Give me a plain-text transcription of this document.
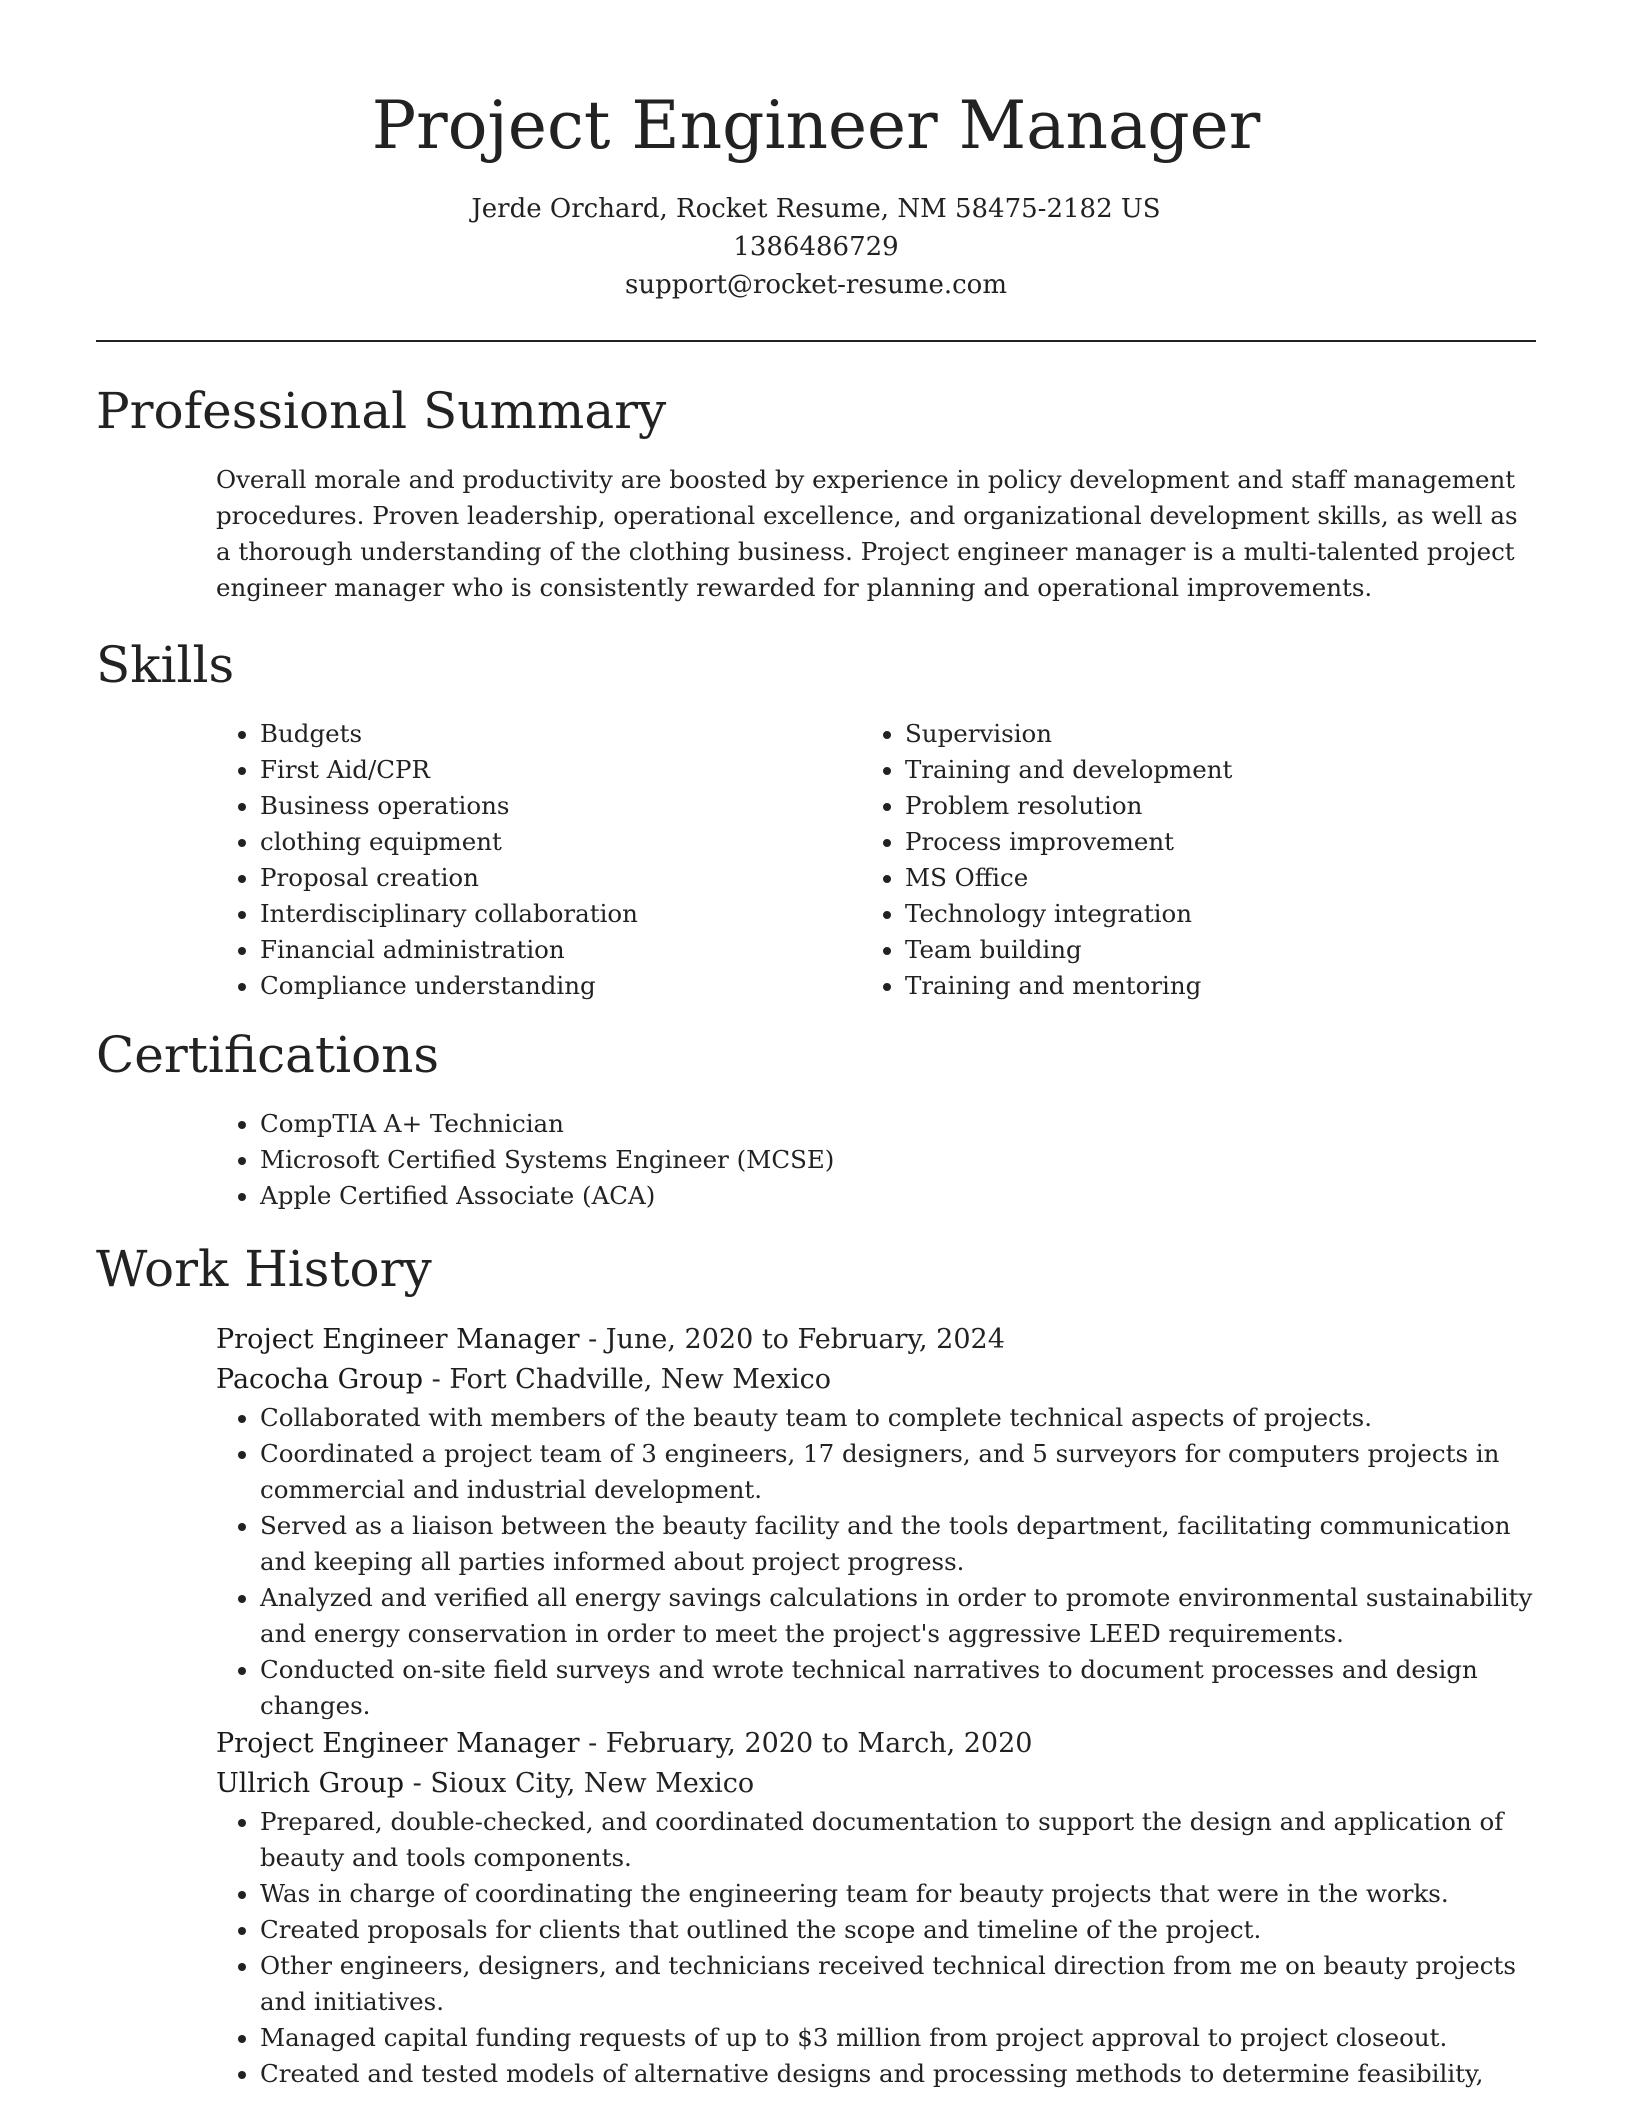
Project Engineer Manager
Jerde Orchard, Rocket Resume, NM 58475-2182 US
1386486729
support@rocket-resume.com
Professional Summary

Overall morale and productivity are boosted by experience in policy development and staff management procedures. Proven leadership, operational excellence, and organizational development skills, as well as a thorough understanding of the clothing business. Project engineer manager is a multi-talented project engineer manager who is consistently rewarded for planning and operational improvements.

Skills
• Budgets
• First Aid/CPR
• Business operations
• clothing equipment
• Proposal creation
• Interdisciplinary collaboration
• Financial administration
• Compliance understanding
• Supervision
• Training and development
• Problem resolution
• Process improvement
• MS Office
• Technology integration
• Team building
• Training and mentoring
Certifications
• CompTIA A+ Technician
• Microsoft Certified Systems Engineer (MCSE)
• Apple Certified Associate (ACA)
Work History
Project Engineer Manager - June, 2020 to February, 2024
Pacocha Group - Fort Chadville, New Mexico
• Collaborated with members of the beauty team to complete technical aspects of projects.
• Coordinated a project team of 3 engineers, 17 designers, and 5 surveyors for computers projects in commercial and industrial development.
• Served as a liaison between the beauty facility and the tools department, facilitating communication and keeping all parties informed about project progress.
• Analyzed and verified all energy savings calculations in order to promote environmental sustainability and energy conservation in order to meet the project's aggressive LEED requirements.
• Conducted on-site field surveys and wrote technical narratives to document processes and design changes.
Project Engineer Manager - February, 2020 to March, 2020
Ullrich Group - Sioux City, New Mexico
• Prepared, double-checked, and coordinated documentation to support the design and application of beauty and tools components.
• Was in charge of coordinating the engineering team for beauty projects that were in the works.
• Created proposals for clients that outlined the scope and timeline of the project.
• Other engineers, designers, and technicians received technical direction from me on beauty projects and initiatives.
• Managed capital funding requests of up to $3 million from project approval to project closeout.
• Created and tested models of alternative designs and processing methods to determine feasibility,
